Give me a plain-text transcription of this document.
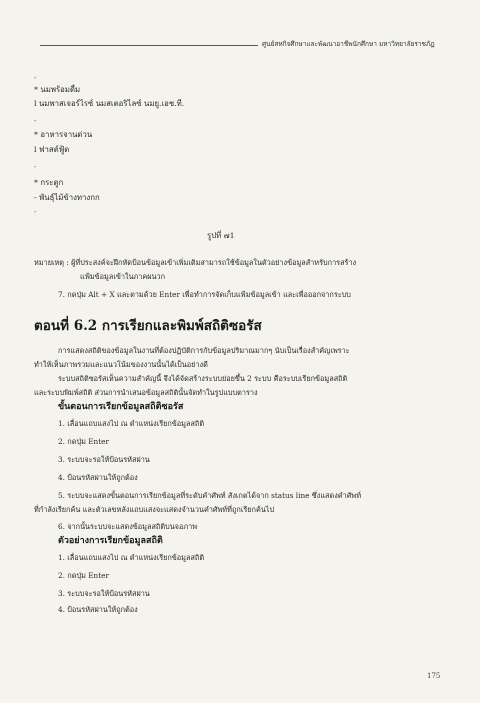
ศูนย์สหกิจศึกษาและพัฒนาอาชีพนักศึกษา มหาวิทยาลัยราชภัฏ
-
* นมพร้อมดื่ม
l นมพาสเจอร์ไรซ์ นมสเตอริไลซ์ นมยู.เอช.ที.
-
* อาหารจานด่วน
l ฟาสต์ฟู้ด
-
* กระดูก
- พันธุ์ไม้ข้างทางกก
-
รูปที่ ๗1
หมายเหตุ : ผู้ที่ประสงค์จะฝึกหัดป้อนข้อมูลเข้าเพิ่มเติมสามารถใช้ข้อมูลในตัวอย่างข้อมูลสำหรับการสร้าง
แฟ้มข้อมูลเข้าในภาคผนวก
7. กดปุ่ม Alt + X และตามด้วย Enter เพื่อทำการจัดเก็บแฟ้มข้อมูลเข้า และเพื่อออกจากระบบ
ตอนที่ 6.2 การเรียกและพิมพ์สถิติซอรัส
การแสดงสถิติของข้อมูลในงานที่ต้องปฏิบัติการกับข้อมูลปริมาณมากๆ นับเป็นเรื่องสำคัญเพราะ
ทำให้เห็นภาพรวมและแนวโน้มของงานนั้นได้เป็นอย่างดี
ระบบสถิติซอรัสเห็นความสำคัญนี้ จึงได้จัดสร้างระบบย่อยขึ้น 2 ระบบ คือระบบเรียกข้อมูลสถิติ
และระบบพิมพ์สถิติ ส่วนการนำเสนอข้อมูลสถิตินั้นจัดทำในรูปแบบตาราง
ขั้นตอนการเรียกข้อมูลสถิติซอรัส
1. เลื่อนแถบแสงไป ณ ตำแหน่งเรียกข้อมูลสถิติ
2. กดปุ่ม Enter
3. ระบบจะรอให้ป้อนรหัสผ่าน
4. ป้อนรหัสผ่านให้ถูกต้อง
5. ระบบจะแสดงขั้นตอนการเรียกข้อมูลที่ระดับคำศัพท์ สังเกตได้จาก status line ซึ่งแสดงคำศัพท์
ที่กำลังเรียกค้น และตัวเลขหลังแถบแสงจะแสดงจำนวนคำศัพท์ที่ถูกเรียกค้นไป
6. จากนั้นระบบจะแสดงข้อมูลสถิติบนจอภาพ
ตัวอย่างการเรียกข้อมูลสถิติ
1. เลื่อนแถบแสงไป ณ ตำแหน่งเรียกข้อมูลสถิติ
2. กดปุ่ม Enter
3. ระบบจะรอให้ป้อนรหัสผ่าน
4. ป้อนรหัสผ่านให้ถูกต้อง
175
